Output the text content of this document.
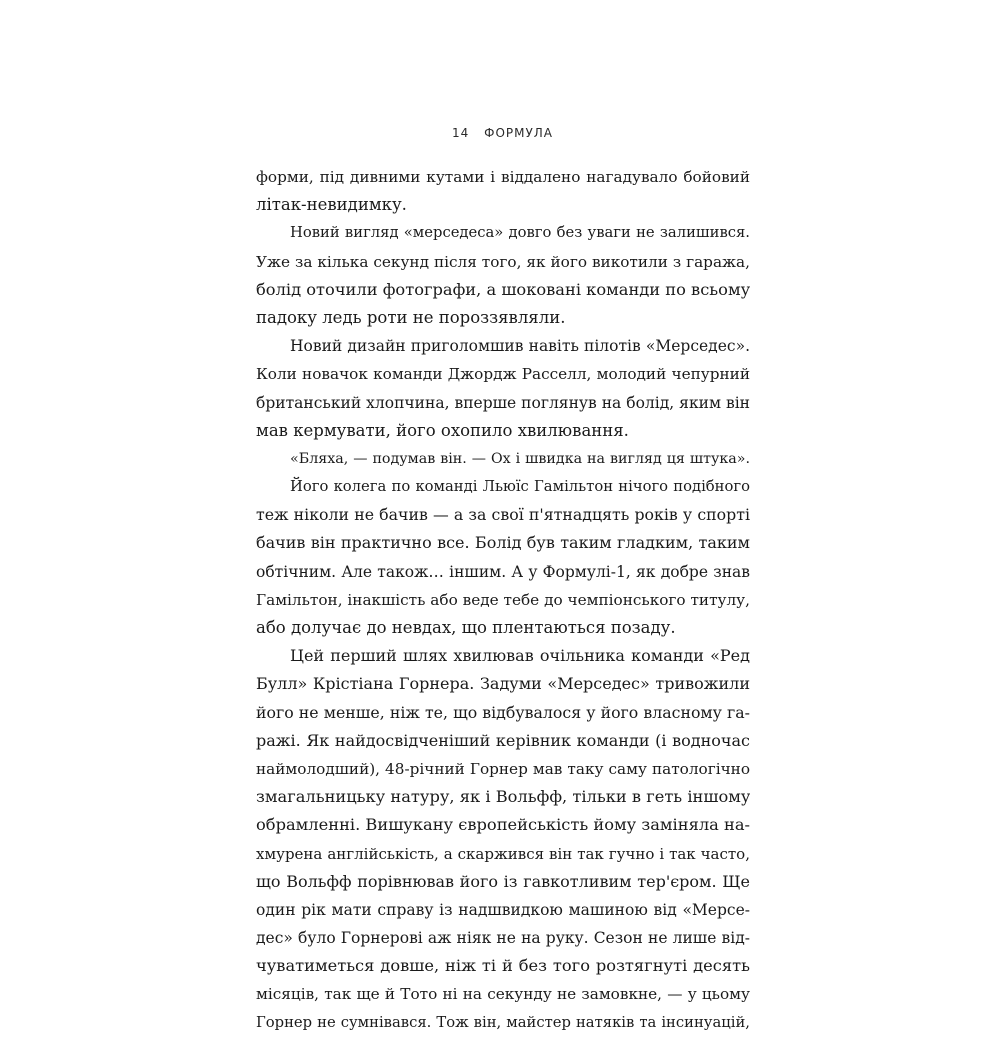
14 ФОРМУЛА
форми, під дивними кутами і віддалено нагадувало бойовий
літак-невидимку.
Новий вигляд «мерседеса» довго без уваги не залишився.
Уже за кілька секунд після того, як його викотили з гаража,
болід оточили фотографи, а шоковані команди по всьому
падоку ледь роти не пороззявляли.
Новий дизайн приголомшив навіть пілотів «Мерседес».
Коли новачок команди Джордж Расселл, молодий чепурний
британський хлопчина, вперше поглянув на болід, яким він
мав кермувати, його охопило хвилювання.
«Бляха, — подумав він. — Ох і швидка на вигляд ця штука».
Його колега по команді Льюїс Гамільтон нічого подібного
теж ніколи не бачив — а за свої п'ятнадцять років у спорті
бачив він практично все. Болід був таким гладким, таким
обтічним. Але також… іншим. А у Формулі-1, як добре знав
Гамільтон, інакшість або веде тебе до чемпіонського титулу,
або долучає до невдах, що плентаються позаду.
Цей перший шлях хвилював очільника команди «Ред
Булл» Крістіана Горнера. Задуми «Мерседес» тривожили
його не менше, ніж те, що відбувалося у його власному га-
ражі. Як найдосвідченіший керівник команди (і водночас
наймолодший), 48-річний Горнер мав таку саму патологічно
змагальницьку натуру, як і Вольфф, тільки в геть іншому
обрамленні. Вишукану європейськість йому заміняла на-
хмурена англійськість, а скаржився він так гучно і так часто,
що Вольфф порівнював його із гавкотливим тер'єром. Ще
один рік мати справу із надшвидкою машиною від «Мерсе-
дес» було Горнерові аж ніяк не на руку. Сезон не лише від-
чуватиметься довше, ніж ті й без того розтягнуті десять
місяців, так ще й Тото ні на секунду не замовкне, — у цьому
Горнер не сумнівався. Тож він, майстер натяків та інсинуацій,
